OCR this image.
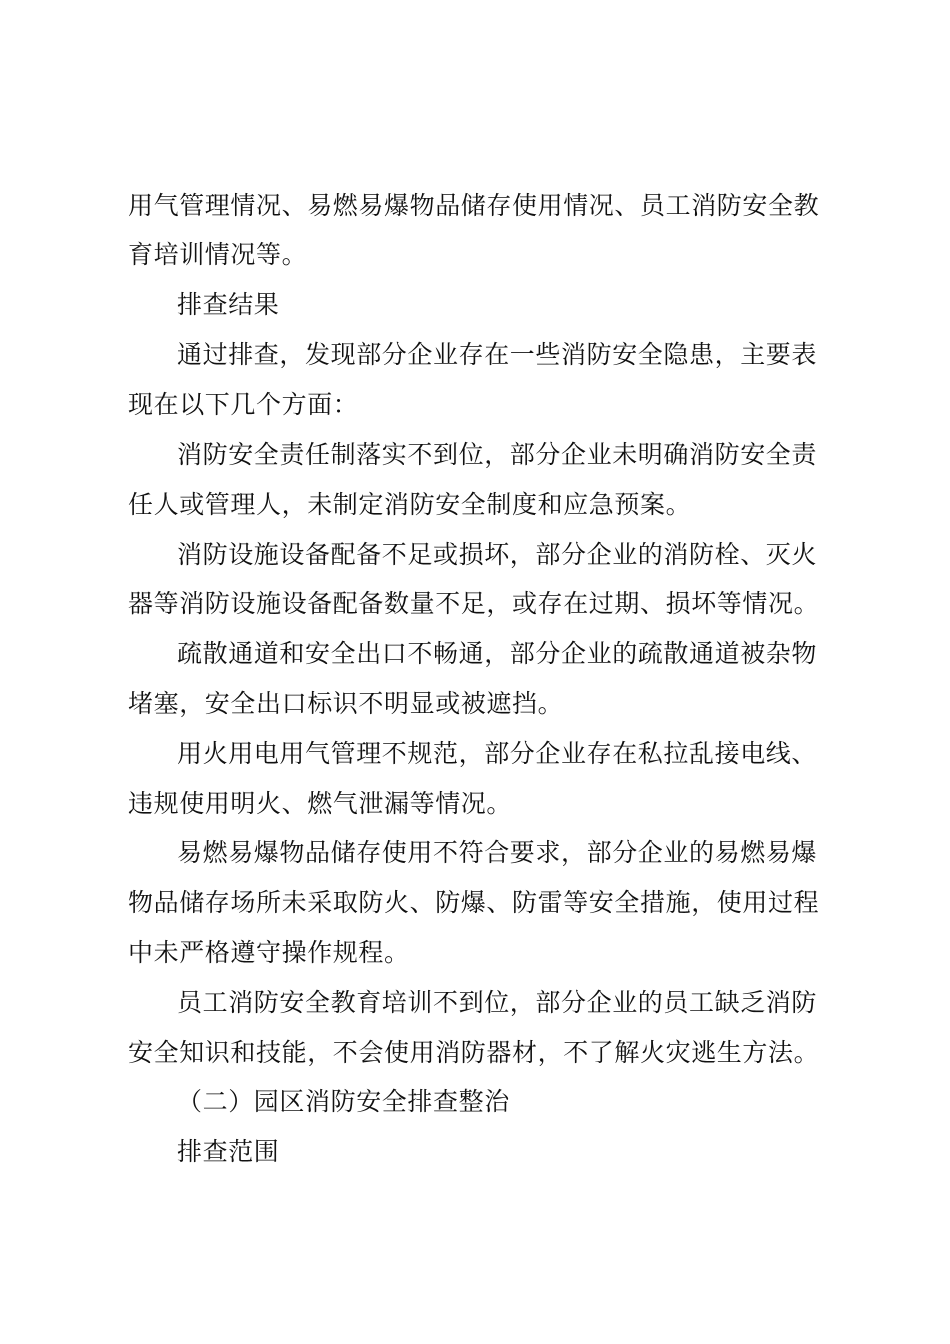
用气管理情况、易燃易爆物品储存使用情况、员工消防安全教
育培训情况等。
排查结果
通过排查，发现部分企业存在一些消防安全隐患，主要表
现在以下几个方面：
消防安全责任制落实不到位，部分企业未明确消防安全责
任人或管理人，未制定消防安全制度和应急预案。
消防设施设备配备不足或损坏，部分企业的消防栓、灭火
器等消防设施设备配备数量不足，或存在过期、损坏等情况。
疏散通道和安全出口不畅通，部分企业的疏散通道被杂物
堵塞，安全出口标识不明显或被遮挡。
用火用电用气管理不规范，部分企业存在私拉乱接电线、
违规使用明火、燃气泄漏等情况。
易燃易爆物品储存使用不符合要求，部分企业的易燃易爆
物品储存场所未采取防火、防爆、防雷等安全措施，使用过程
中未严格遵守操作规程。
员工消防安全教育培训不到位，部分企业的员工缺乏消防
安全知识和技能，不会使用消防器材，不了解火灾逃生方法。
（二）园区消防安全排查整治
排查范围
